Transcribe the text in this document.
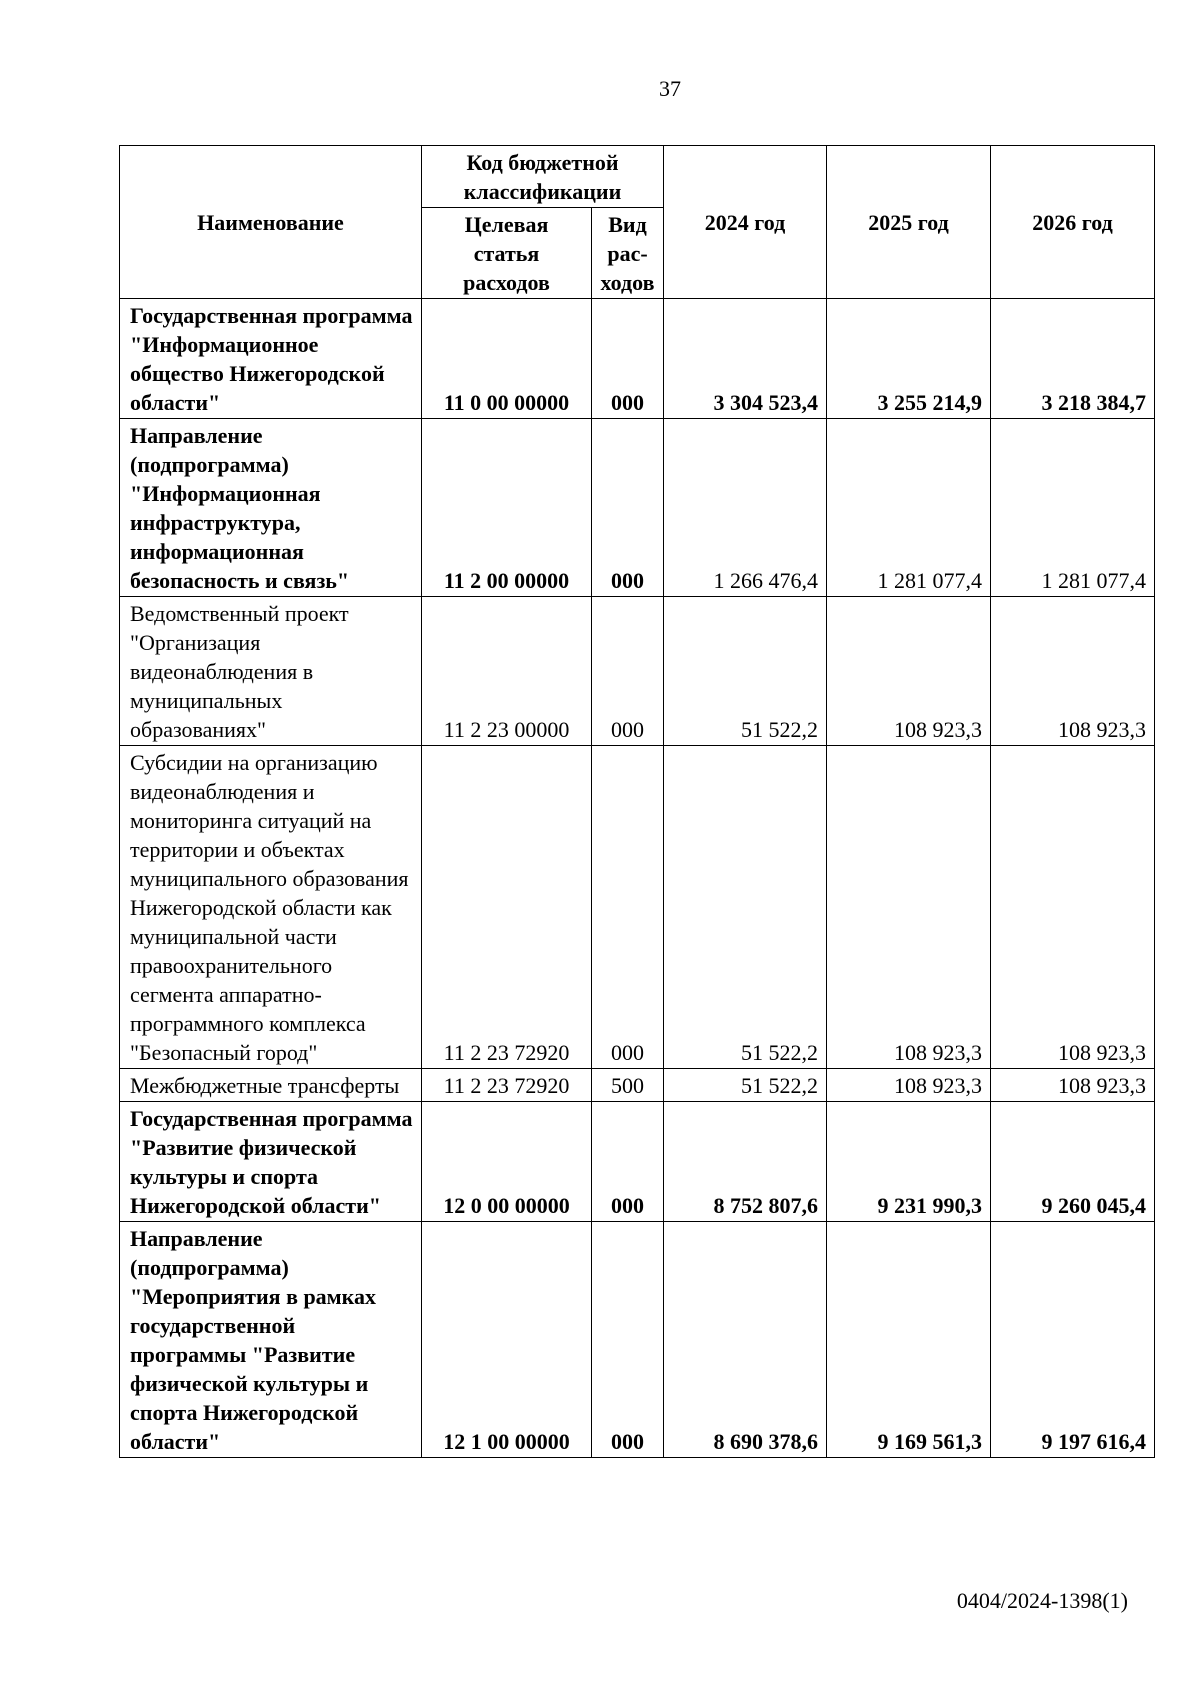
37
Наименование	Код бюджетной классификации		2024 год	2025 год	2026 год
	Целевая статья расходов	Вид рас- ходов			
Государственная программа "Информационное общество Нижегородской области"	11 0 00 00000	000	3 304 523,4	3 255 214,9	3 218 384,7
Направление (подпрограмма) "Информационная инфраструктура, информационная безопасность и связь"	11 2 00 00000	000	1 266 476,4	1 281 077,4	1 281 077,4
Ведомственный проект "Организация видеонаблюдения в муниципальных образованиях"	11 2 23 00000	000	51 522,2	108 923,3	108 923,3
Субсидии на организацию видеонаблюдения и мониторинга ситуаций на территории и объектах муниципального образования Нижегородской области как муниципальной части правоохранительного сегмента аппаратно-программного комплекса "Безопасный город"	11 2 23 72920	000	51 522,2	108 923,3	108 923,3
Межбюджетные трансферты	11 2 23 72920	500	51 522,2	108 923,3	108 923,3
Государственная программа "Развитие физической культуры и спорта Нижегородской области"	12 0 00 00000	000	8 752 807,6	9 231 990,3	9 260 045,4
Направление (подпрограмма) "Мероприятия в рамках государственной программы "Развитие физической культуры и спорта Нижегородской области"	12 1 00 00000	000	8 690 378,6	9 169 561,3	9 197 616,4
0404/2024-1398(1)
